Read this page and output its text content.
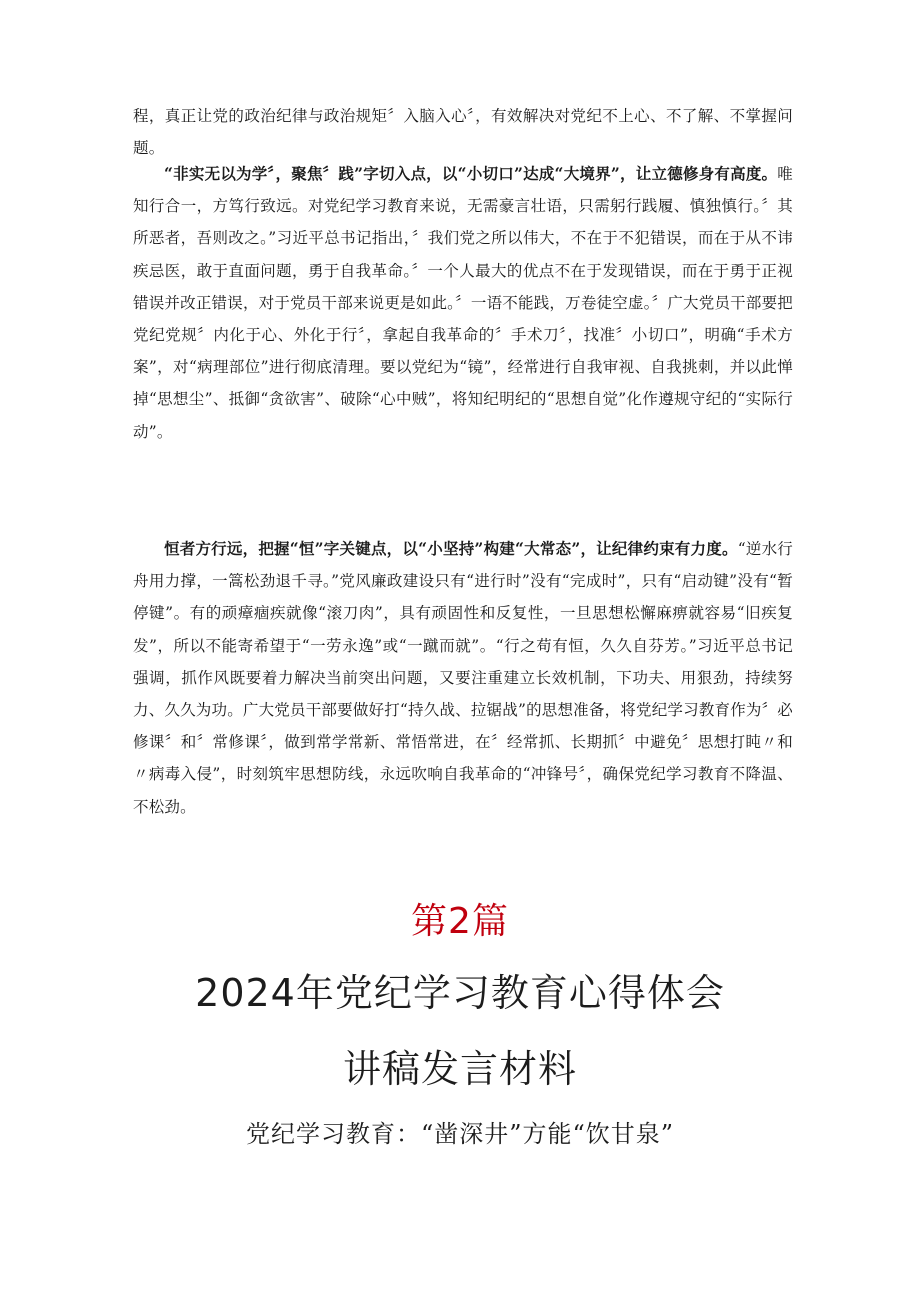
程，真正让党的政治纪律与政治规矩〞入脑入心〞，有效解决对党纪不上心、不了解、不掌握问题。

“非实无以为学〞，聚焦〞践”字切入点，以“小切口”达成“大境界”，让立德修身有高度。唯知行合一，方笃行致远。对党纪学习教育来说，无需豪言壮语，只需躬行践履、慎独慎行。〞其所恶者，吾则改之。”习近平总书记指出，〞我们党之所以伟大，不在于不犯错误，而在于从不讳疾忌医，敢于直面问题，勇于自我革命。〞一个人最大的优点不在于发现错误，而在于勇于正视错误并改正错误，对于党员干部来说更是如此。〞一语不能践，万卷徒空虚。〞广大党员干部要把党纪党规〞内化于心、外化于行〞，拿起自我革命的〞手术刀〞，找准〞小切口”，明确“手术方案”，对“病理部位”进行彻底清理。要以党纪为“镜”，经常进行自我审视、自我挑刺，并以此惮掉“思想尘”、抵御“贪欲害”、破除“心中贼”，将知纪明纪的“思想自觉”化作遵规守纪的“实际行动”。

恒者方行远，把握“恒”字关键点，以“小坚持”构建“大常态”，让纪律约束有力度。“逆水行舟用力撑，一篙松劲退千寻。”党风廉政建设只有“进行时”没有“完成时”，只有“启动键”没有“暂停键”。有的顽瘴痼疾就像“滚刀肉”，具有顽固性和反复性，一旦思想松懈麻痹就容易“旧疾复发”，所以不能寄希望于“一劳永逸”或“一蹴而就”。“行之苟有恒，久久自芬芳。”习近平总书记强调，抓作风既要着力解决当前突出问题，又要注重建立长效机制，下功夫、用狠劲，持续努力、久久为功。广大党员干部要做好打“持久战、拉锯战”的思想准备，将党纪学习教育作为〞必修课〞和〞常修课〞，做到常学常新、常悟常进，在〞经常抓、长期抓〞中避免〞思想打盹〃和〃病毒入侵”，时刻筑牢思想防线，永远吹响自我革命的“冲锋号〞，确保党纪学习教育不降温、不松劲。

第2篇
2024年党纪学习教育心得体会
讲稿发言材料
党纪学习教育：“凿深井”方能“饮甘泉”
